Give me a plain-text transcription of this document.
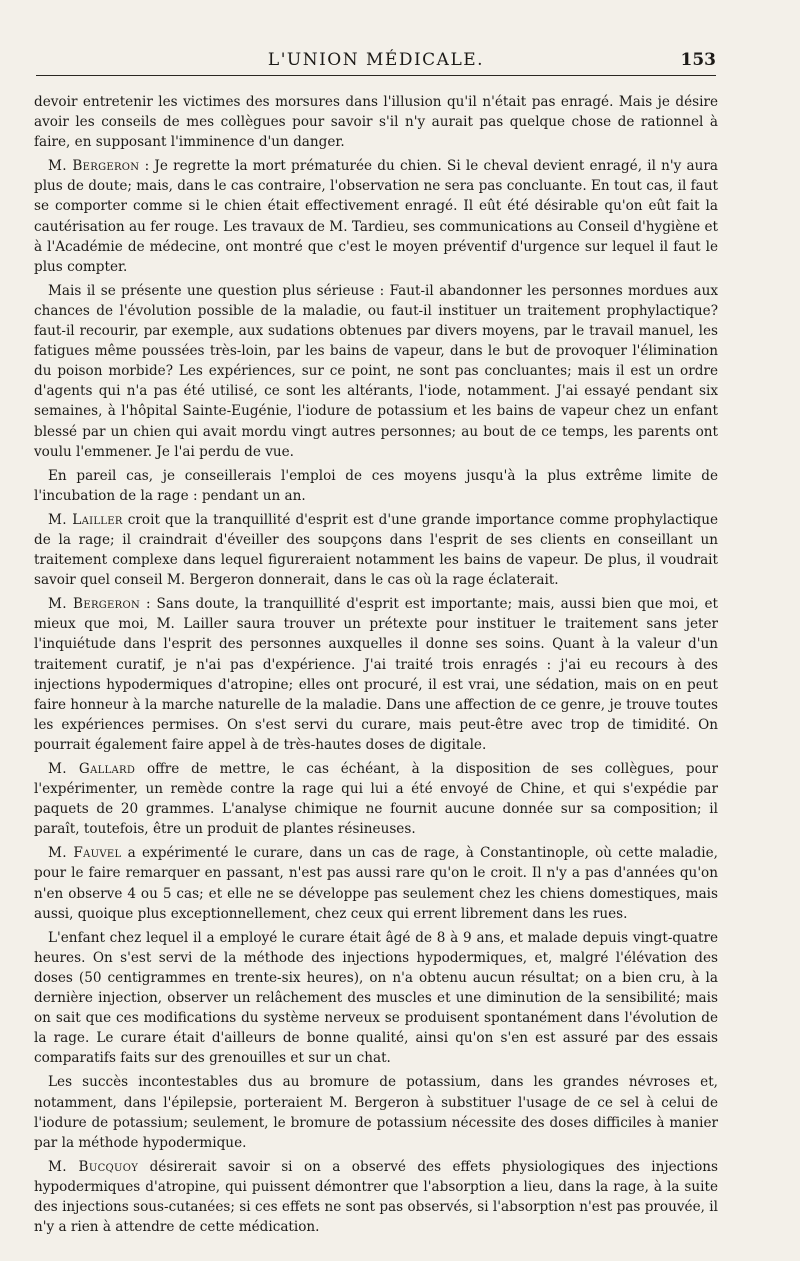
L'UNION MÉDICALE.	153

devoir entretenir les victimes des morsures dans l'illusion qu'il n'était pas enragé. Mais je désire avoir les conseils de mes collègues pour savoir s'il n'y aurait pas quelque chose de rationnel à faire, en supposant l'imminence d'un danger.

M. Bergeron : Je regrette la mort prématurée du chien. Si le cheval devient enragé, il n'y aura plus de doute; mais, dans le cas contraire, l'observation ne sera pas concluante. En tout cas, il faut se comporter comme si le chien était effectivement enragé. Il eût été désirable qu'on eût fait la cautérisation au fer rouge. Les travaux de M. Tardieu, ses communications au Conseil d'hygiène et à l'Académie de médecine, ont montré que c'est le moyen préventif d'urgence sur lequel il faut le plus compter.

Mais il se présente une question plus sérieuse : Faut-il abandonner les personnes mordues aux chances de l'évolution possible de la maladie, ou faut-il instituer un traitement prophylactique? faut-il recourir, par exemple, aux sudations obtenues par divers moyens, par le travail manuel, les fatigues même poussées très-loin, par les bains de vapeur, dans le but de provoquer l'élimination du poison morbide? Les expériences, sur ce point, ne sont pas concluantes; mais il est un ordre d'agents qui n'a pas été utilisé, ce sont les altérants, l'iode, notamment. J'ai essayé pendant six semaines, à l'hôpital Sainte-Eugénie, l'iodure de potassium et les bains de vapeur chez un enfant blessé par un chien qui avait mordu vingt autres personnes; au bout de ce temps, les parents ont voulu l'emmener. Je l'ai perdu de vue.

En pareil cas, je conseillerais l'emploi de ces moyens jusqu'à la plus extrême limite de l'incubation de la rage : pendant un an.

M. Lailler croit que la tranquillité d'esprit est d'une grande importance comme prophylactique de la rage; il craindrait d'éveiller des soupçons dans l'esprit de ses clients en conseillant un traitement complexe dans lequel figureraient notamment les bains de vapeur. De plus, il voudrait savoir quel conseil M. Bergeron donnerait, dans le cas où la rage éclaterait.

M. Bergeron : Sans doute, la tranquillité d'esprit est importante; mais, aussi bien que moi, et mieux que moi, M. Lailler saura trouver un prétexte pour instituer le traitement sans jeter l'inquiétude dans l'esprit des personnes auxquelles il donne ses soins. Quant à la valeur d'un traitement curatif, je n'ai pas d'expérience. J'ai traité trois enragés : j'ai eu recours à des injections hypodermiques d'atropine; elles ont procuré, il est vrai, une sédation, mais on en peut faire honneur à la marche naturelle de la maladie. Dans une affection de ce genre, je trouve toutes les expériences permises. On s'est servi du curare, mais peut-être avec trop de timidité. On pourrait également faire appel à de très-hautes doses de digitale.

M. Gallard offre de mettre, le cas échéant, à la disposition de ses collègues, pour l'expérimenter, un remède contre la rage qui lui a été envoyé de Chine, et qui s'expédie par paquets de 20 grammes. L'analyse chimique ne fournit aucune donnée sur sa composition; il paraît, toutefois, être un produit de plantes résineuses.

M. Fauvel a expérimenté le curare, dans un cas de rage, à Constantinople, où cette maladie, pour le faire remarquer en passant, n'est pas aussi rare qu'on le croit. Il n'y a pas d'années qu'on n'en observe 4 ou 5 cas; et elle ne se développe pas seulement chez les chiens domestiques, mais aussi, quoique plus exceptionnellement, chez ceux qui errent librement dans les rues.

L'enfant chez lequel il a employé le curare était âgé de 8 à 9 ans, et malade depuis vingt-quatre heures. On s'est servi de la méthode des injections hypodermiques, et, malgré l'élévation des doses (50 centigrammes en trente-six heures), on n'a obtenu aucun résultat; on a bien cru, à la dernière injection, observer un relâchement des muscles et une diminution de la sensibilité; mais on sait que ces modifications du système nerveux se produisent spontanément dans l'évolution de la rage. Le curare était d'ailleurs de bonne qualité, ainsi qu'on s'en est assuré par des essais comparatifs faits sur des grenouilles et sur un chat.

Les succès incontestables dus au bromure de potassium, dans les grandes névroses et, notamment, dans l'épilepsie, porteraient M. Bergeron à substituer l'usage de ce sel à celui de l'iodure de potassium; seulement, le bromure de potassium nécessite des doses difficiles à manier par la méthode hypodermique.

M. Bucquoy désirerait savoir si on a observé des effets physiologiques des injections hypodermiques d'atropine, qui puissent démontrer que l'absorption a lieu, dans la rage, à la suite des injections sous-cutanées; si ces effets ne sont pas observés, si l'absorption n'est pas prouvée, il n'y a rien à attendre de cette médication.
